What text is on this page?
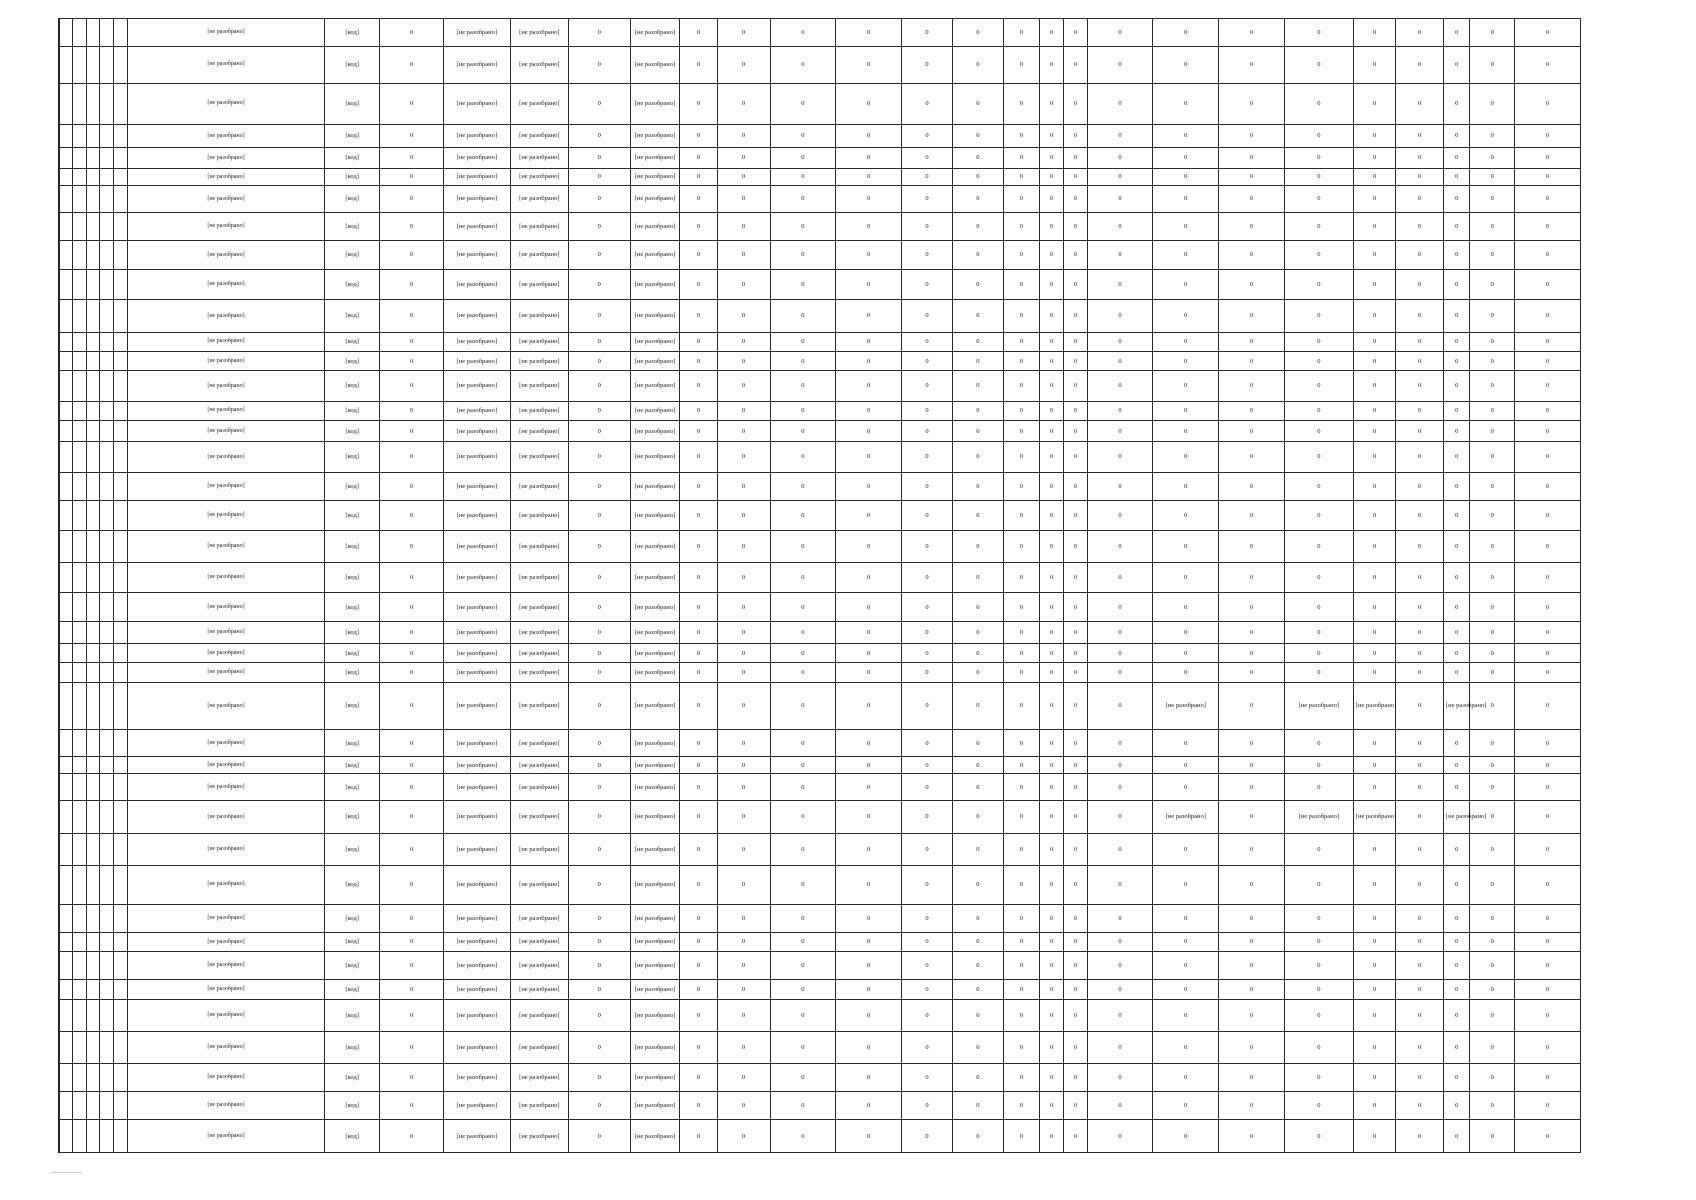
					[не разобрано]	[код]	0	[не разобрано]	[не разобрано]	0	[не разобрано]	0	0	0	0	0	0	0	0	0	0	0	0	0	0	0	0	0	0
					[не разобрано]	[код]	0	[не разобрано]	[не разобрано]	0	[не разобрано]	0	0	0	0	0	0	0	0	0	0	0	0	0	0	0	0	0	0
					[не разобрано]	[код]	0	[не разобрано]	[не разобрано]	0	[не разобрано]	0	0	0	0	0	0	0	0	0	0	0	0	0	0	0	0	0	0
					[не разобрано]	[код]	0	[не разобрано]	[не разобрано]	0	[не разобрано]	0	0	0	0	0	0	0	0	0	0	0	0	0	0	0	0	0	0
					[не разобрано]	[код]	0	[не разобрано]	[не разобрано]	0	[не разобрано]	0	0	0	0	0	0	0	0	0	0	0	0	0	0	0	0	0	0
					[не разобрано]	[код]	0	[не разобрано]	[не разобрано]	0	[не разобрано]	0	0	0	0	0	0	0	0	0	0	0	0	0	0	0	0	0	0
					[не разобрано]	[код]	0	[не разобрано]	[не разобрано]	0	[не разобрано]	0	0	0	0	0	0	0	0	0	0	0	0	0	0	0	0	0	0
					[не разобрано]	[код]	0	[не разобрано]	[не разобрано]	0	[не разобрано]	0	0	0	0	0	0	0	0	0	0	0	0	0	0	0	0	0	0
					[не разобрано]	[код]	0	[не разобрано]	[не разобрано]	0	[не разобрано]	0	0	0	0	0	0	0	0	0	0	0	0	0	0	0	0	0	0
					[не разобрано]	[код]	0	[не разобрано]	[не разобрано]	0	[не разобрано]	0	0	0	0	0	0	0	0	0	0	0	0	0	0	0	0	0	0
					[не разобрано]	[код]	0	[не разобрано]	[не разобрано]	0	[не разобрано]	0	0	0	0	0	0	0	0	0	0	0	0	0	0	0	0	0	0
					[не разобрано]	[код]	0	[не разобрано]	[не разобрано]	0	[не разобрано]	0	0	0	0	0	0	0	0	0	0	0	0	0	0	0	0	0	0
					[не разобрано]	[код]	0	[не разобрано]	[не разобрано]	0	[не разобрано]	0	0	0	0	0	0	0	0	0	0	0	0	0	0	0	0	0	0
					[не разобрано]	[код]	0	[не разобрано]	[не разобрано]	0	[не разобрано]	0	0	0	0	0	0	0	0	0	0	0	0	0	0	0	0	0	0
					[не разобрано]	[код]	0	[не разобрано]	[не разобрано]	0	[не разобрано]	0	0	0	0	0	0	0	0	0	0	0	0	0	0	0	0	0	0
					[не разобрано]	[код]	0	[не разобрано]	[не разобрано]	0	[не разобрано]	0	0	0	0	0	0	0	0	0	0	0	0	0	0	0	0	0	0
					[не разобрано]	[код]	0	[не разобрано]	[не разобрано]	0	[не разобрано]	0	0	0	0	0	0	0	0	0	0	0	0	0	0	0	0	0	0
					[не разобрано]	[код]	0	[не разобрано]	[не разобрано]	0	[не разобрано]	0	0	0	0	0	0	0	0	0	0	0	0	0	0	0	0	0	0
					[не разобрано]	[код]	0	[не разобрано]	[не разобрано]	0	[не разобрано]	0	0	0	0	0	0	0	0	0	0	0	0	0	0	0	0	0	0
					[не разобрано]	[код]	0	[не разобрано]	[не разобрано]	0	[не разобрано]	0	0	0	0	0	0	0	0	0	0	0	0	0	0	0	0	0	0
					[не разобрано]	[код]	0	[не разобрано]	[не разобрано]	0	[не разобрано]	0	0	0	0	0	0	0	0	0	0	0	0	0	0	0	0	0	0
					[не разобрано]	[код]	0	[не разобрано]	[не разобрано]	0	[не разобрано]	0	0	0	0	0	0	0	0	0	0	0	0	0	0	0	0	0	0
					[не разобрано]	[код]	0	[не разобрано]	[не разобрано]	0	[не разобрано]	0	0	0	0	0	0	0	0	0	0	0	0	0	0	0	0	0	0
					[не разобрано]	[код]	0	[не разобрано]	[не разобрано]	0	[не разобрано]	0	0	0	0	0	0	0	0	0	0	0	0	0	0	0	0	0	0
					[не разобрано]	[код]	0	[не разобрано]	[не разобрано]	0	[не разобрано]	0	0	0	0	0	0	0	0	0	0	0	0	0	0	0	0	0	0
					[не разобрано]	[код]	0	[не разобрано]	[не разобрано]	0	[не разобрано]	0	0	0	0	0	0	0	0	0	0	[не разобрано]	0	[не разобрано]	[не разобрано]	0	[не разобрано]	0	0
					[не разобрано]	[код]	0	[не разобрано]	[не разобрано]	0	[не разобрано]	0	0	0	0	0	0	0	0	0	0	0	0	0	0	0	0	0	0
					[не разобрано]	[код]	0	[не разобрано]	[не разобрано]	0	[не разобрано]	0	0	0	0	0	0	0	0	0	0	0	0	0	0	0	0	0	0
					[не разобрано]	[код]	0	[не разобрано]	[не разобрано]	0	[не разобрано]	0	0	0	0	0	0	0	0	0	0	0	0	0	0	0	0	0	0
					[не разобрано]	[код]	0	[не разобрано]	[не разобрано]	0	[не разобрано]	0	0	0	0	0	0	0	0	0	0	[не разобрано]	0	[не разобрано]	[не разобрано]	0	[не разобрано]	0	0
					[не разобрано]	[код]	0	[не разобрано]	[не разобрано]	0	[не разобрано]	0	0	0	0	0	0	0	0	0	0	0	0	0	0	0	0	0	0
					[не разобрано]	[код]	0	[не разобрано]	[не разобрано]	0	[не разобрано]	0	0	0	0	0	0	0	0	0	0	0	0	0	0	0	0	0	0
					[не разобрано]	[код]	0	[не разобрано]	[не разобрано]	0	[не разобрано]	0	0	0	0	0	0	0	0	0	0	0	0	0	0	0	0	0	0
					[не разобрано]	[код]	0	[не разобрано]	[не разобрано]	0	[не разобрано]	0	0	0	0	0	0	0	0	0	0	0	0	0	0	0	0	0	0
					[не разобрано]	[код]	0	[не разобрано]	[не разобрано]	0	[не разобрано]	0	0	0	0	0	0	0	0	0	0	0	0	0	0	0	0	0	0
					[не разобрано]	[код]	0	[не разобрано]	[не разобрано]	0	[не разобрано]	0	0	0	0	0	0	0	0	0	0	0	0	0	0	0	0	0	0
					[не разобрано]	[код]	0	[не разобрано]	[не разобрано]	0	[не разобрано]	0	0	0	0	0	0	0	0	0	0	0	0	0	0	0	0	0	0
					[не разобрано]	[код]	0	[не разобрано]	[не разобрано]	0	[не разобрано]	0	0	0	0	0	0	0	0	0	0	0	0	0	0	0	0	0	0
					[не разобрано]	[код]	0	[не разобрано]	[не разобрано]	0	[не разобрано]	0	0	0	0	0	0	0	0	0	0	0	0	0	0	0	0	0	0
					[не разобрано]	[код]	0	[не разобрано]	[не разобрано]	0	[не разобрано]	0	0	0	0	0	0	0	0	0	0	0	0	0	0	0	0	0	0
					[не разобрано]	[код]	0	[не разобрано]	[не разобрано]	0	[не разобрано]	0	0	0	0	0	0	0	0	0	0	0	0	0	0	0	0	0	0
